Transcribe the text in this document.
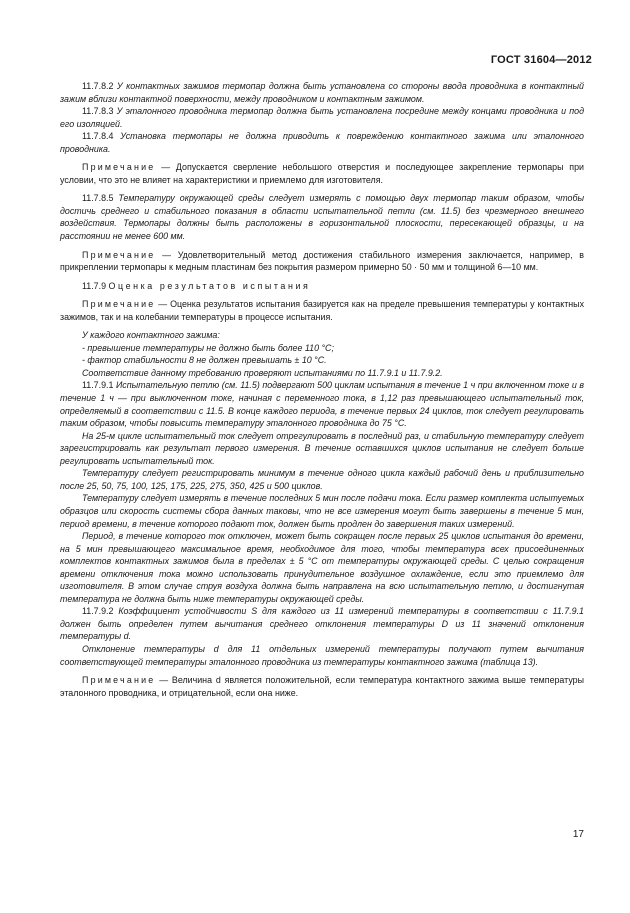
ГОСТ 31604—2012

11.7.8.2 У контактных зажимов термопар должна быть установлена со стороны ввода проводника в контактный зажим вблизи контактной поверхности, между проводником и контактным зажимом.

11.7.8.3 У эталонного проводника термопар должна быть установлена посредине между концами проводника и под его изоляцией.

11.7.8.4 Установка термопары не должна приводить к повреждению контактного зажима или эталонного проводника.

Примечание — Допускается сверление небольшого отверстия и последующее закрепление термопары при условии, что это не влияет на характеристики и приемлемо для изготовителя.

11.7.8.5 Температуру окружающей среды следует измерять с помощью двух термопар таким образом, чтобы достичь среднего и стабильного показания в области испытательной петли (см. 11.5) без чрезмерного внешнего воздействия. Термопары должны быть расположены в горизонтальной плоскости, пересекающей образцы, и на расстоянии не менее 600 мм.

Примечание — Удовлетворительный метод достижения стабильного измерения заключается, например, в прикреплении термопары к медным пластинам без покрытия размером примерно 50 · 50 мм и толщиной 6—10 мм.

11.7.9 Оценка результатов испытания

Примечание — Оценка результатов испытания базируется как на пределе превышения температуры у контактных зажимов, так и на колебании температуры в процессе испытания.

У каждого контактного зажима:

- превышение температуры не должно быть более 110 °С;

- фактор стабильности 8 не должен превышать ± 10 °С.

Соответствие данному требованию проверяют испытаниями по 11.7.9.1 и 11.7.9.2.

11.7.9.1 Испытательную петлю (см. 11.5) подвергают 500 циклам испытания в течение 1 ч при включенном токе и в течение 1 ч — при выключенном токе, начиная с переменного тока, в 1,12 раз превышающего испытательный ток, определяемый в соответствии с 11.5. В конце каждого периода, в течение первых 24 циклов, ток следует регулировать таким образом, чтобы повысить температуру эталонного проводника до 75 °С.

На 25-м цикле испытательный ток следует отрегулировать в последний раз, и стабильную температуру следует зарегистрировать как результат первого измерения. В течение оставшихся циклов испытания не следует больше регулировать испытательный ток.

Температуру следует регистрировать минимум в течение одного цикла каждый рабочий день и приблизительно после 25, 50, 75, 100, 125, 175, 225, 275, 350, 425 и 500 циклов.

Температуру следует измерять в течение последних 5 мин после подачи тока. Если размер комплекта испытуемых образцов или скорость системы сбора данных таковы, что не все измерения могут быть завершены в течение 5 мин, период времени, в течение которого подают ток, должен быть продлен до завершения таких измерений.

Период, в течение которого ток отключен, может быть сокращен после первых 25 циклов испытания до времени, на 5 мин превышающего максимальное время, необходимое для того, чтобы температура всех присоединенных комплектов контактных зажимов была в пределах ± 5 °С от температуры окружающей среды. С целью сокращения времени отключения тока можно использовать принудительное воздушное охлаждение, если это приемлемо для изготовителя. В этом случае струя воздуха должна быть направлена на всю испытательную петлю, и достигнутая температура не должна быть ниже температуры окружающей среды.

11.7.9.2 Коэффициент устойчивости S для каждого из 11 измерений температуры в соответствии с 11.7.9.1 должен быть определен путем вычитания среднего отклонения температуры D из 11 значений отклонения температуры d.

Отклонение температуры d для 11 отдельных измерений температуры получают путем вычитания соответствующей температуры эталонного проводника из температуры контактного зажима (таблица 13).

Примечание — Величина d является положительной, если температура контактного зажима выше температуры эталонного проводника, и отрицательной, если она ниже.

17
